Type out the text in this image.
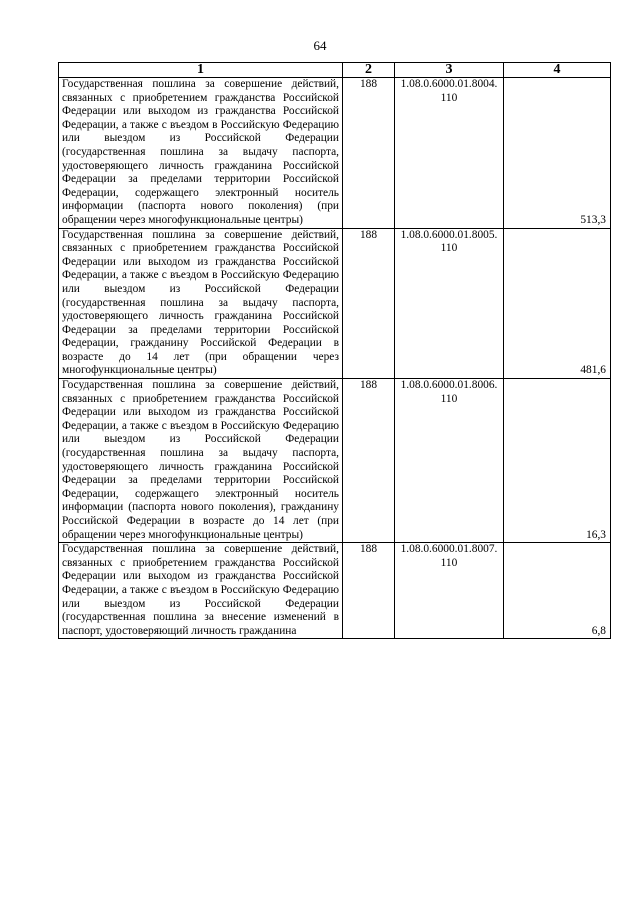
64
1	2	3	4
Государственная пошлина за совершение действий, связанных с приобретением гражданства Российской Федерации или выходом из гражданства Российской Федерации, а также с въездом в Российскую Федерацию или выездом из Российской Федерации (государственная пошлина за выдачу паспорта, удостоверяющего личность гражданина Российской Федерации за пределами территории Российской Федерации, содержащего электронный носитель информации (паспорта нового поколения) (при обращении через многофункциональные центры)	188	1.08.0.6000.01.8004. 110	513,3
Государственная пошлина за совершение действий, связанных с приобретением гражданства Российской Федерации или выходом из гражданства Российской Федерации, а также с въездом в Российскую Федерацию или выездом из Российской Федерации (государственная пошлина за выдачу паспорта, удостоверяющего личность гражданина Российской Федерации за пределами территории Российской Федерации, гражданину Российской Федерации в возрасте до 14 лет (при обращении через многофункциональные центры)	188	1.08.0.6000.01.8005. 110	481,6
Государственная пошлина за совершение действий, связанных с приобретением гражданства Российской Федерации или выходом из гражданства Российской Федерации, а также с въездом в Российскую Федерацию или выездом из Российской Федерации (государственная пошлина за выдачу паспорта, удостоверяющего личность гражданина Российской Федерации за пределами территории Российской Федерации, содержащего электронный носитель информации (паспорта нового поколения), гражданину Российской Федерации в возрасте до 14 лет (при обращении через многофункциональные центры)	188	1.08.0.6000.01.8006. 110	16,3
Государственная пошлина за совершение действий, связанных с приобретением гражданства Российской Федерации или выходом из гражданства Российской Федерации, а также с въездом в Российскую Федерацию или выездом из Российской Федерации (государственная пошлина за внесение изменений в паспорт, удостоверяющий личность гражданина	188	1.08.0.6000.01.8007. 110	6,8
